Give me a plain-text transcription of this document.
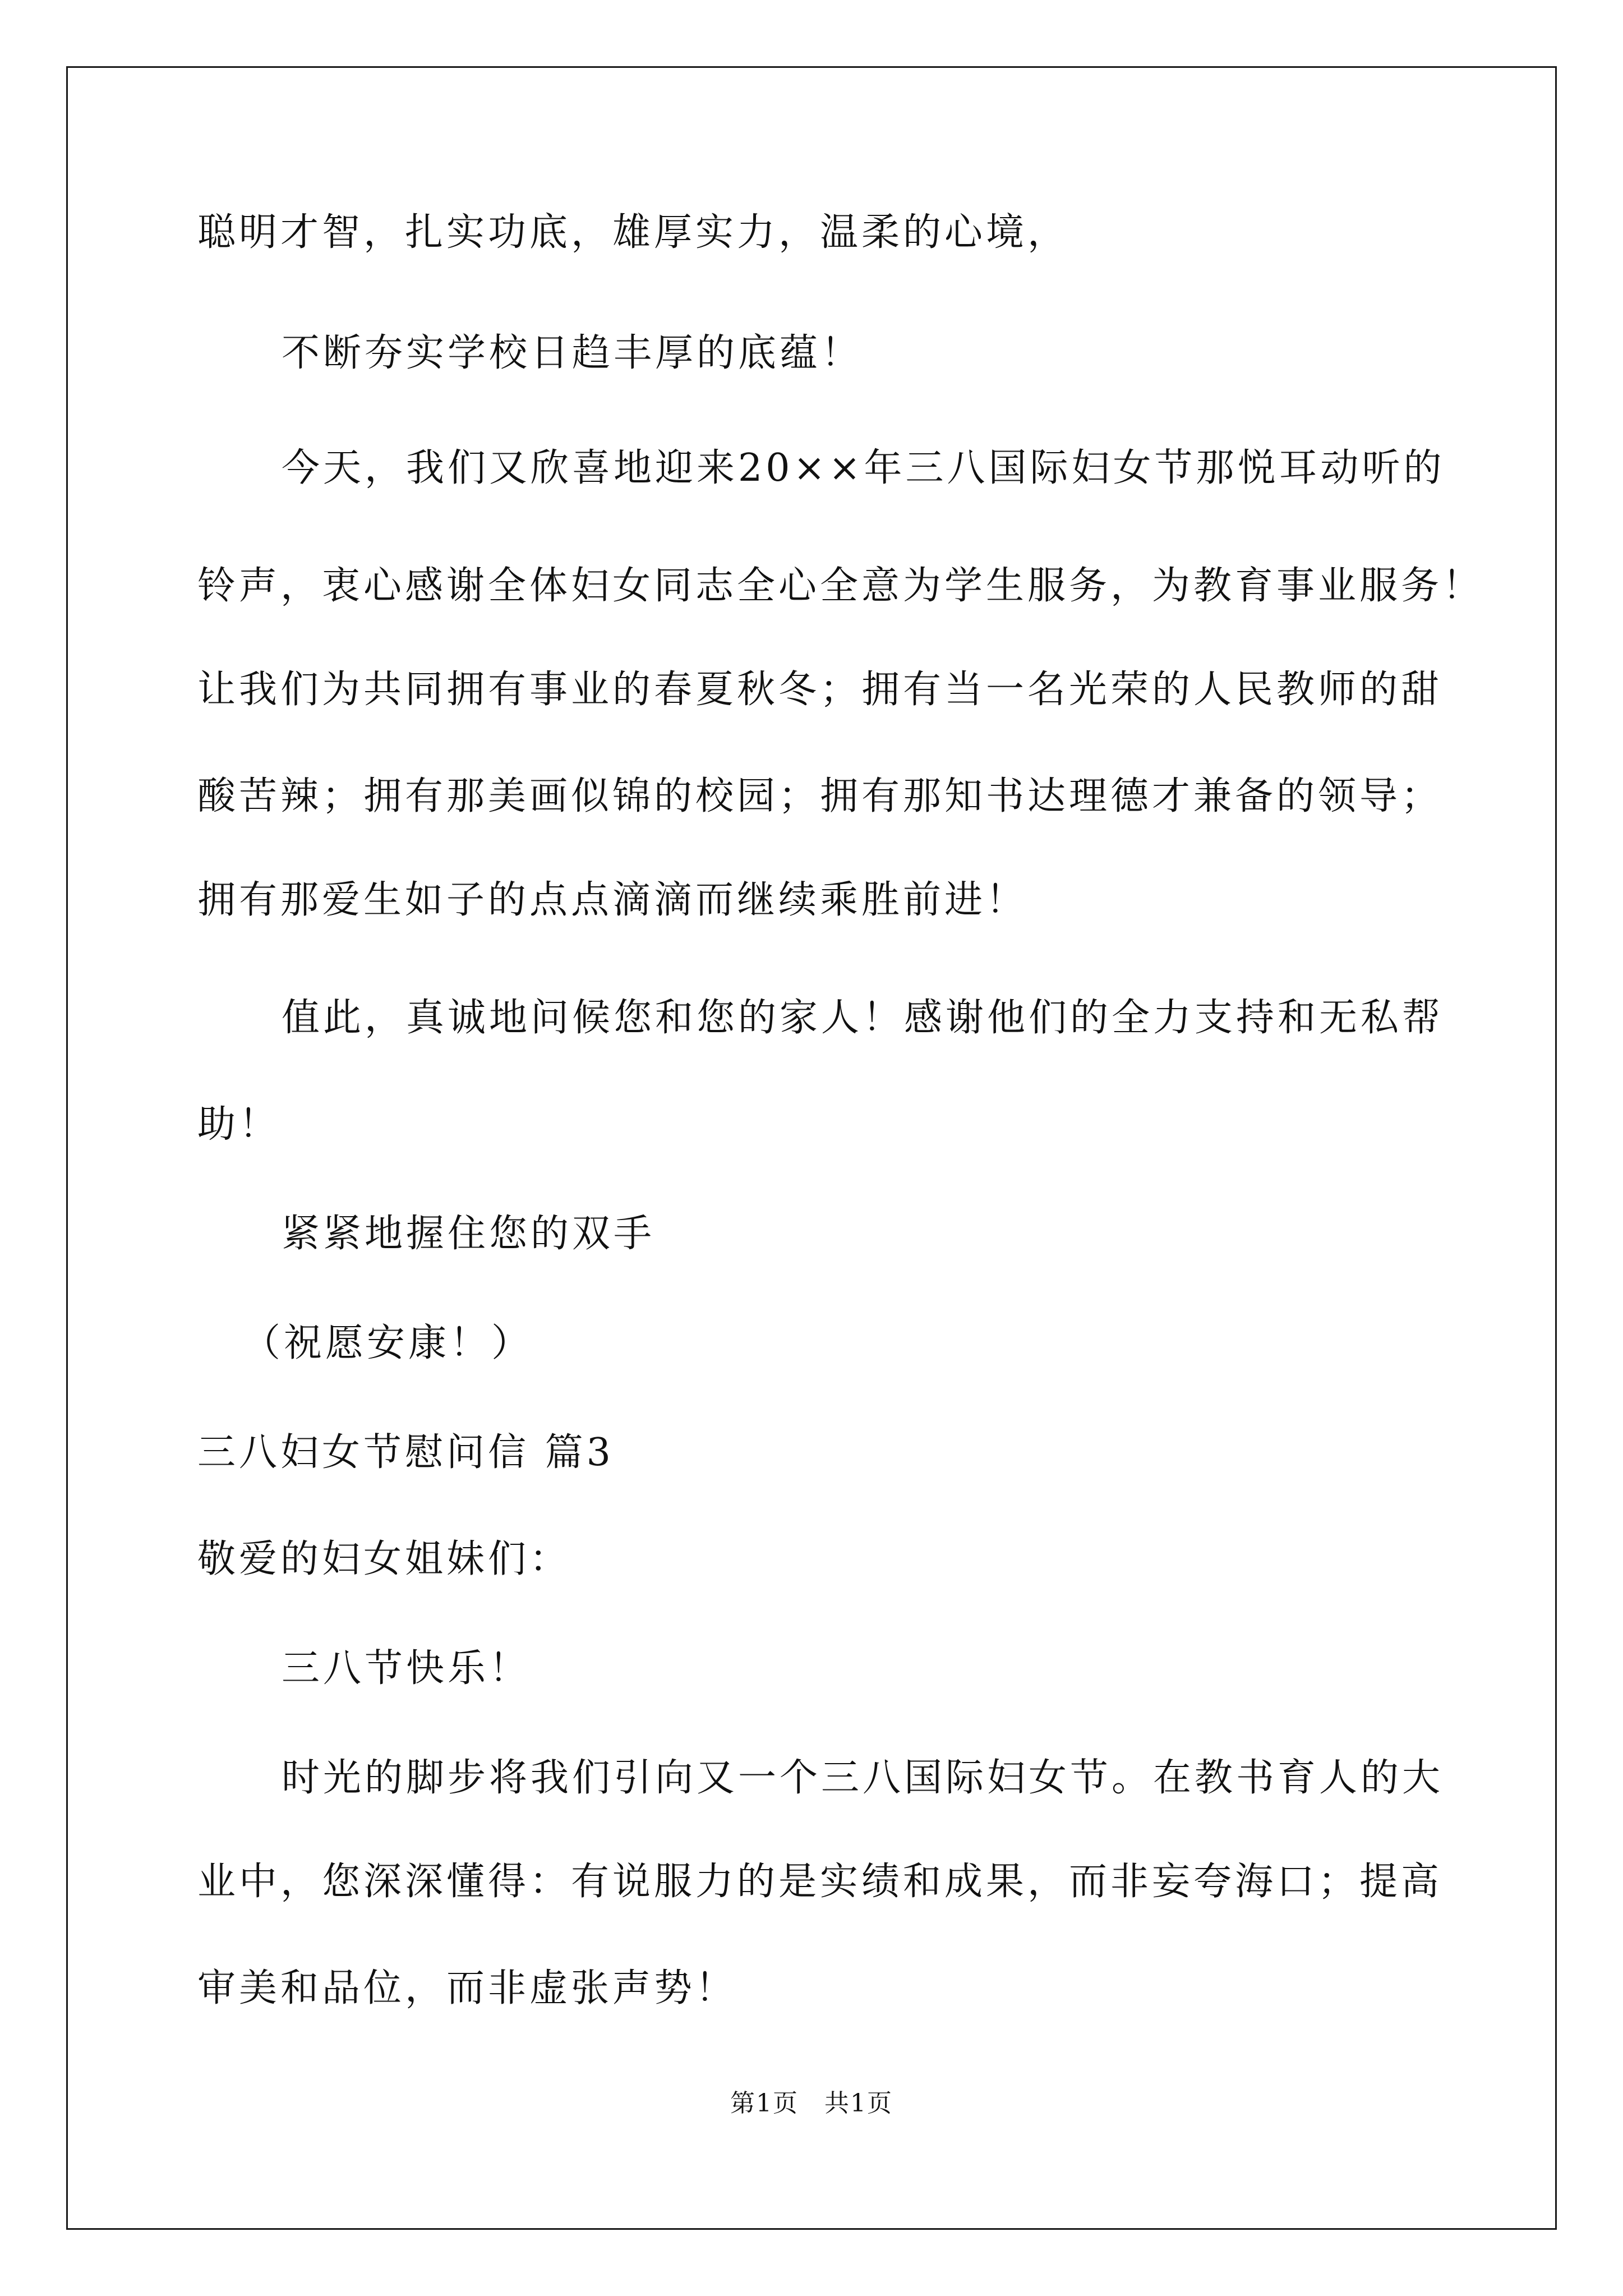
聪明才智，扎实功底，雄厚实力，温柔的心境，
不断夯实学校日趋丰厚的底蕴！
今天，我们又欣喜地迎来20××年三八国际妇女节那悦耳动听的
铃声，衷心感谢全体妇女同志全心全意为学生服务，为教育事业服务！
让我们为共同拥有事业的春夏秋冬；拥有当一名光荣的人民教师的甜
酸苦辣；拥有那美画似锦的校园；拥有那知书达理德才兼备的领导；
拥有那爱生如子的点点滴滴而继续乘胜前进！
值此，真诚地问候您和您的家人！感谢他们的全力支持和无私帮
助！
紧紧地握住您的双手
（祝愿安康！）
三八妇女节慰问信 篇3
敬爱的妇女姐妹们：
三八节快乐！
时光的脚步将我们引向又一个三八国际妇女节。在教书育人的大
业中，您深深懂得：有说服力的是实绩和成果，而非妄夸海口；提高
审美和品位，而非虚张声势！
第1页　共1页
